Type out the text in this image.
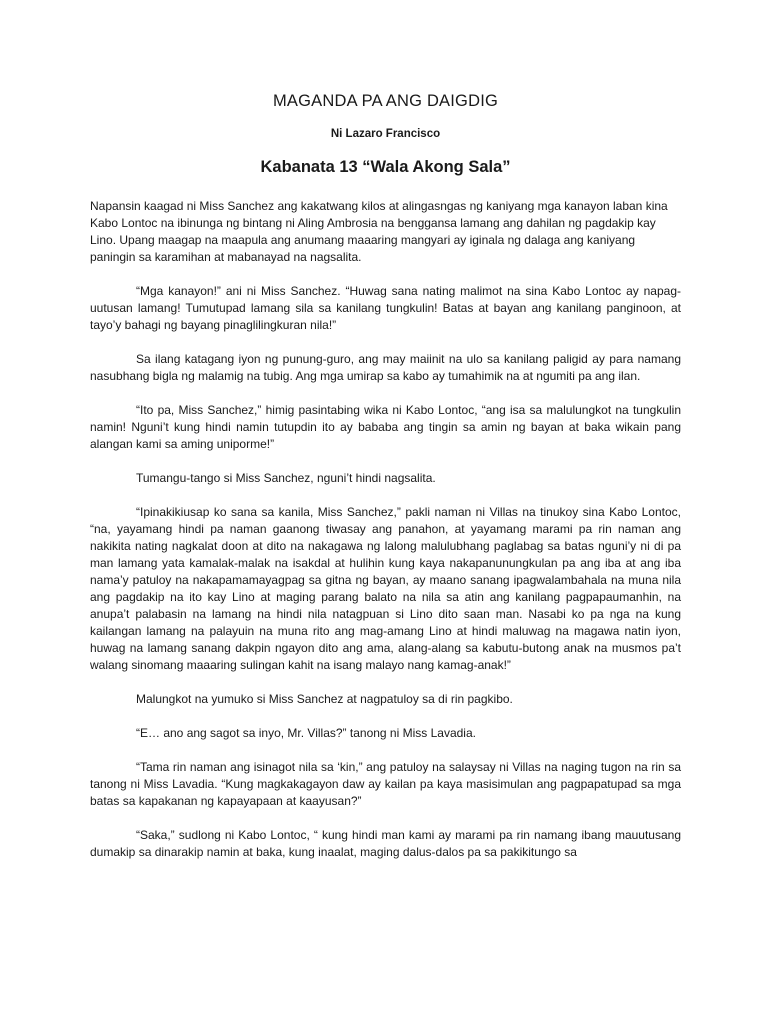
MAGANDA PA ANG DAIGDIG
Ni Lazaro Francisco
Kabanata 13 “Wala Akong Sala”

Napansin kaagad ni Miss Sanchez ang kakatwang kilos at alingasngas ng kaniyang mga kanayon laban kina Kabo Lontoc na ibinunga ng bintang ni Aling Ambrosia na benggansa lamang ang dahilan ng pagdakip kay Lino. Upang maagap na maapula ang anumang maaaring mangyari ay iginala ng dalaga ang kaniyang paningin sa karamihan at mabanayad na nagsalita.

“Mga kanayon!” ani ni Miss Sanchez. “Huwag sana nating malimot na sina Kabo Lontoc ay napag-uutusan lamang! Tumutupad lamang sila sa kanilang tungkulin! Batas at bayan ang kanilang panginoon, at tayo’y bahagi ng bayang pinaglilingkuran nila!”

Sa ilang katagang iyon ng punung-guro, ang may maiinit na ulo sa kanilang paligid ay para namang nasubhang bigla ng malamig na tubig. Ang mga umirap sa kabo ay tumahimik na at ngumiti pa ang ilan.

“Ito pa, Miss Sanchez,” himig pasintabing wika ni Kabo Lontoc, “ang isa sa malulungkot na tungkulin namin! Nguni’t kung hindi namin tutupdin ito ay bababa ang tingin sa amin ng bayan at baka wikain pang alangan kami sa aming uniporme!”

Tumangu-tango si Miss Sanchez, nguni’t hindi nagsalita.

“Ipinakikiusap ko sana sa kanila, Miss Sanchez,” pakli naman ni Villas na tinukoy sina Kabo Lontoc, “na, yayamang hindi pa naman gaanong tiwasay ang panahon, at yayamang marami pa rin naman ang nakikita nating nagkalat doon at dito na nakagawa ng lalong malulubhang paglabag sa batas nguni’y ni di pa man lamang yata kamalak-malak na isakdal at hulihin kung kaya nakapanunungkulan pa ang iba at ang iba nama’y patuloy na nakapamamayagpag sa gitna ng bayan, ay maano sanang ipagwalambahala na muna nila ang pagdakip na ito kay Lino at maging parang balato na nila sa atin ang kanilang pagpapaumanhin, na anupa’t palabasin na lamang na hindi nila natagpuan si Lino dito saan man. Nasabi ko pa nga na kung kailangan lamang na palayuin na muna rito ang mag-amang Lino at hindi maluwag na magawa natin iyon, huwag na lamang sanang dakpin ngayon dito ang ama, alang-alang sa kabutu-butong anak na musmos pa’t walang sinomang maaaring sulingan kahit na isang malayo nang kamag-anak!”

Malungkot na yumuko si Miss Sanchez at nagpatuloy sa di rin pagkibo.

“E… ano ang sagot sa inyo, Mr. Villas?” tanong ni Miss Lavadia.

“Tama rin naman ang isinagot nila sa ‘kin,” ang patuloy na salaysay ni Villas na naging tugon na rin sa tanong ni Miss Lavadia. “Kung magkakagayon daw ay kailan pa kaya masisimulan ang pagpapatupad sa mga batas sa kapakanan ng kapayapaan at kaayusan?”

“Saka,” sudlong ni Kabo Lontoc, “ kung hindi man kami ay marami pa rin namang ibang mauutusang dumakip sa dinarakip namin at baka, kung inaalat, maging dalus-dalos pa sa pakikitungo sa
